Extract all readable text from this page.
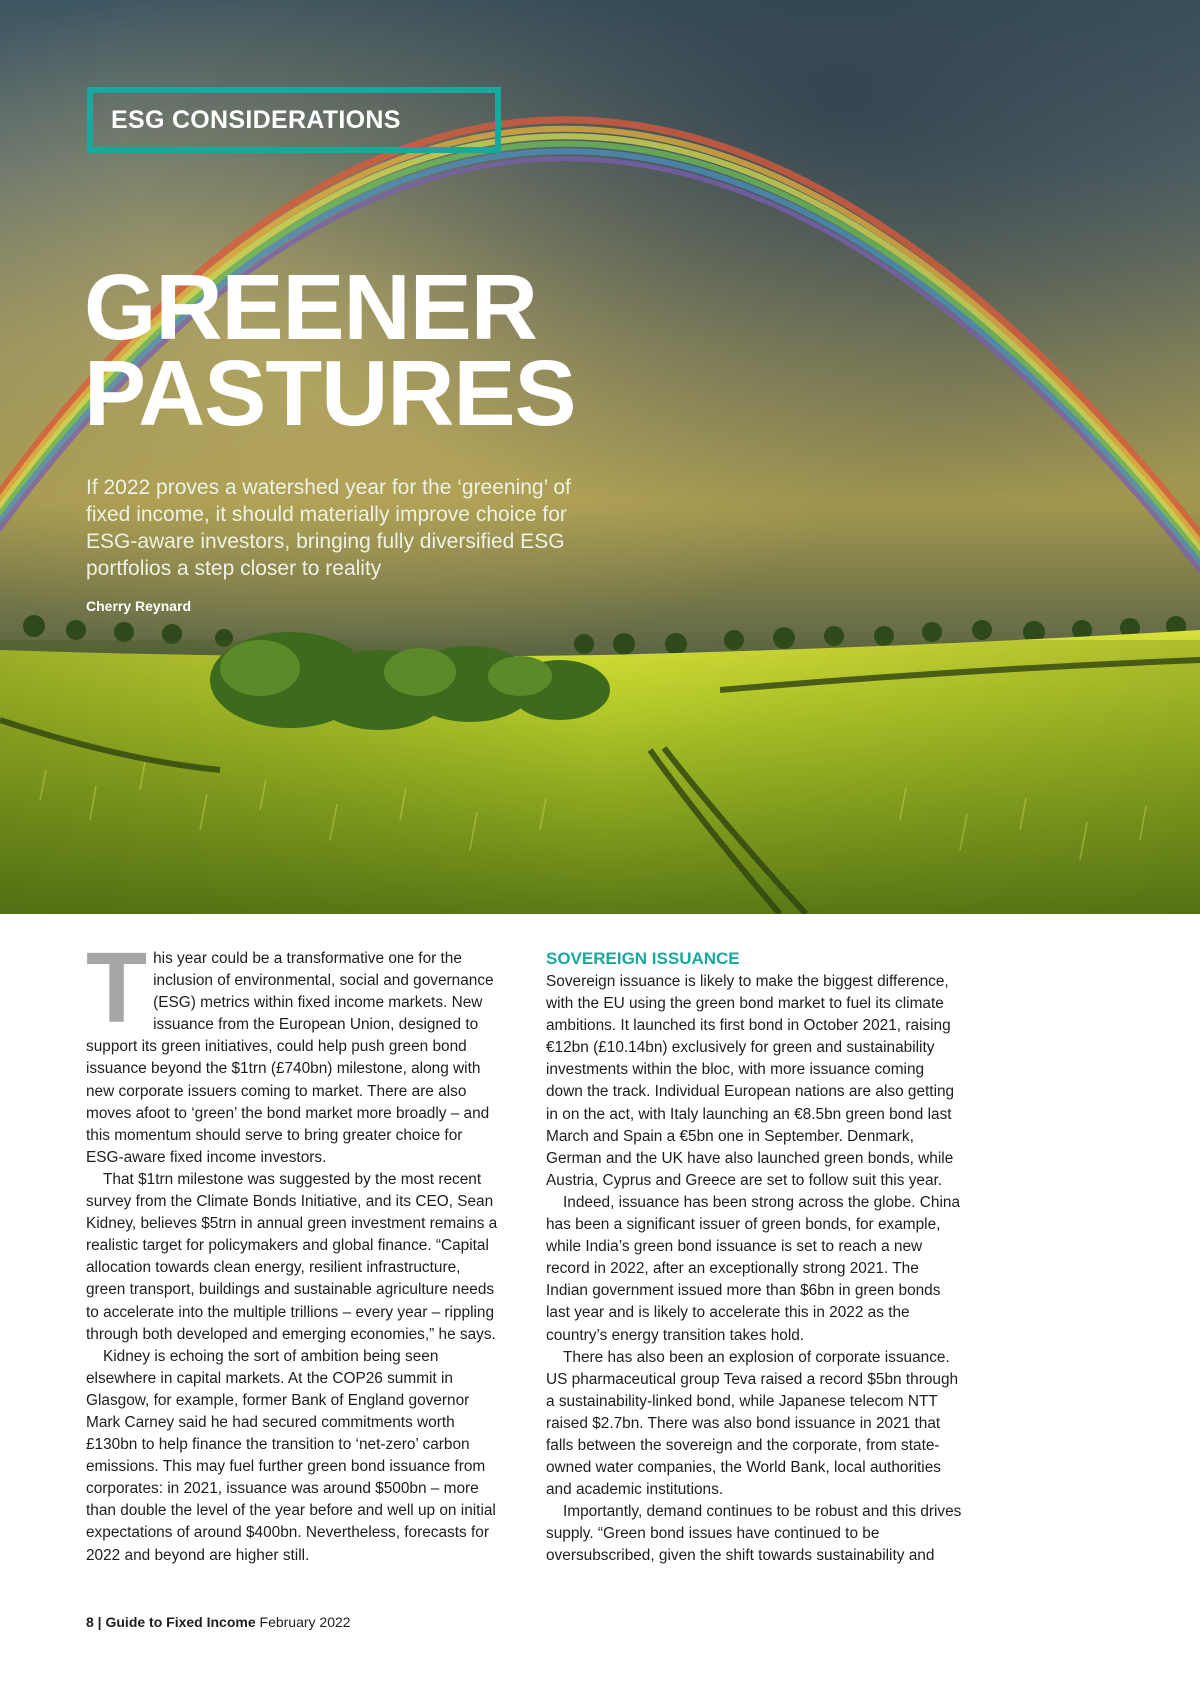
ESG CONSIDERATIONS
GREENER
PASTURES

If 2022 proves a watershed year for the ‘greening’ of fixed income, it should materially improve choice for ESG-aware investors, bringing fully diversified ESG portfolios a step closer to reality

Cherry Reynard

This year could be a transformative one for the inclusion of environmental, social and governance (ESG) metrics within fixed income markets. New issuance from the European Union, designed to support its green initiatives, could help push green bond issuance beyond the $1trn (£740bn) milestone, along with new corporate issuers coming to market. There are also moves afoot to ‘green’ the bond market more broadly – and this momentum should serve to bring greater choice for ESG-aware fixed income investors.

That $1trn milestone was suggested by the most recent survey from the Climate Bonds Initiative, and its CEO, Sean Kidney, believes $5trn in annual green investment remains a realistic target for policymakers and global finance. “Capital allocation towards clean energy, resilient infrastructure, green transport, buildings and sustainable agriculture needs to accelerate into the multiple trillions – every year – rippling through both developed and emerging economies,” he says.

Kidney is echoing the sort of ambition being seen elsewhere in capital markets. At the COP26 summit in Glasgow, for example, former Bank of England governor Mark Carney said he had secured commitments worth £130bn to help finance the transition to ‘net-zero’ carbon emissions. This may fuel further green bond issuance from corporates: in 2021, issuance was around $500bn – more than double the level of the year before and well up on initial expectations of around $400bn. Nevertheless, forecasts for 2022 and beyond are higher still.

SOVEREIGN ISSUANCE

Sovereign issuance is likely to make the biggest difference, with the EU using the green bond market to fuel its climate ambitions. It launched its first bond in October 2021, raising €12bn (£10.14bn) exclusively for green and sustainability investments within the bloc, with more issuance coming down the track. Individual European nations are also getting in on the act, with Italy launching an €8.5bn green bond last March and Spain a €5bn one in September. Denmark, German and the UK have also launched green bonds, while Austria, Cyprus and Greece are set to follow suit this year.

Indeed, issuance has been strong across the globe. China has been a significant issuer of green bonds, for example, while India’s green bond issuance is set to reach a new record in 2022, after an exceptionally strong 2021. The Indian government issued more than $6bn in green bonds last year and is likely to accelerate this in 2022 as the country’s energy transition takes hold.

There has also been an explosion of corporate issuance. US pharmaceutical group Teva raised a record $5bn through a sustainability-linked bond, while Japanese telecom NTT raised $2.7bn. There was also bond issuance in 2021 that falls between the sovereign and the corporate, from state-owned water companies, the World Bank, local authorities and academic institutions.

Importantly, demand continues to be robust and this drives supply. “Green bond issues have continued to be oversubscribed, given the shift towards sustainability and

8 | Guide to Fixed Income February 2022
